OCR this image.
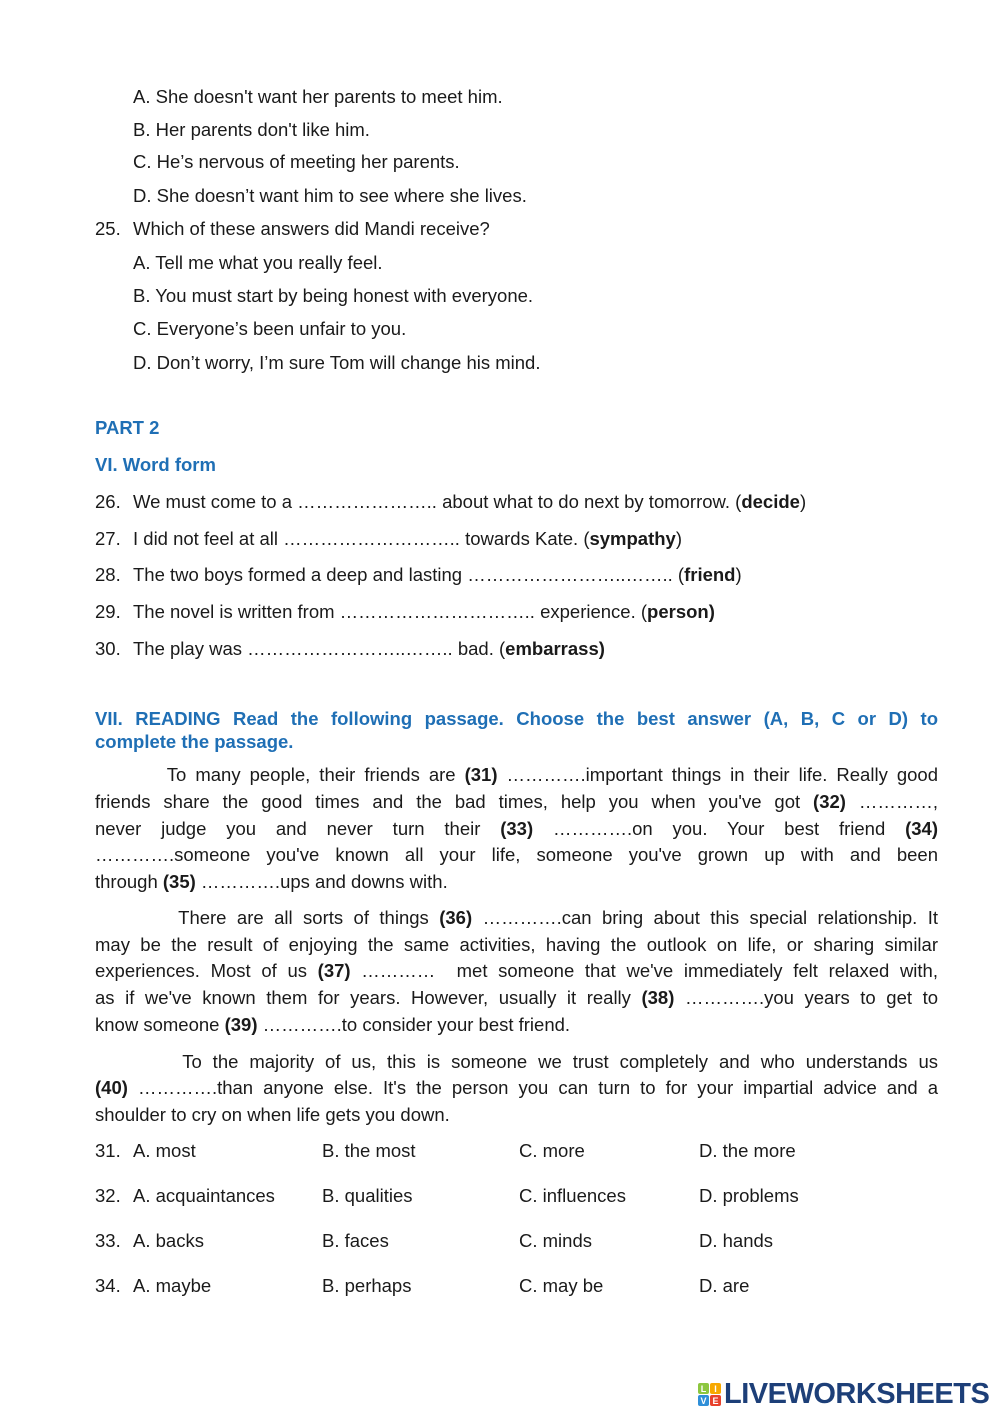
A. She doesn't want her parents to meet him.
B. Her parents don't like him.
C. He’s nervous of meeting her parents.
D. She doesn’t want him to see where she lives.
25. Which of these answers did Mandi receive?
A. Tell me what you really feel.
B. You must start by being honest with everyone.
C. Everyone’s been unfair to you.
D. Don’t worry, I’m sure Tom will change his mind.
PART 2
VI. Word form
26. We must come to a ………………….. about what to do next by tomorrow. (decide)
27. I did not feel at all ……………………….. towards Kate. (sympathy)
28. The two boys formed a deep and lasting ……………………..…….. (friend)
29. The novel is written from ………………………….. experience. (person)
30. The play was ……………………..…….. bad. (embarrass)
VII. READING Read the following passage. Choose the best answer (A, B, C or D) to
complete the passage.
To many people, their friends are (31) ………….important things in their life. Really good
friends share the good times and the bad times, help you when you've got (32) …………,
never judge you and never turn their (33) ………….on you. Your best friend (34)
………….someone you've known all your life, someone you've grown up with and been
through (35) ………….ups and downs with.
There are all sorts of things (36) ………….can bring about this special relationship. It
may be the result of enjoying the same activities, having the outlook on life, or sharing similar
experiences. Most of us (37) …………  met someone that we've immediately felt relaxed with,
as if we've known them for years. However, usually it really (38) ………….you years to get to
know someone (39) ………….to consider your best friend.
To the majority of us, this is someone we trust completely and who understands us
(40) ………….than anyone else. It's the person you can turn to for your impartial advice and a
shoulder to cry on when life gets you down.
31. A. most	B. the most	C. more	D. the more
32. A. acquaintances	B. qualities	C. influences	D. problems
33. A. backs	B. faces	C. minds	D. hands
34. A. maybe	B. perhaps	C. may be	D. are
L I
V E LIVEWORKSHEETS
